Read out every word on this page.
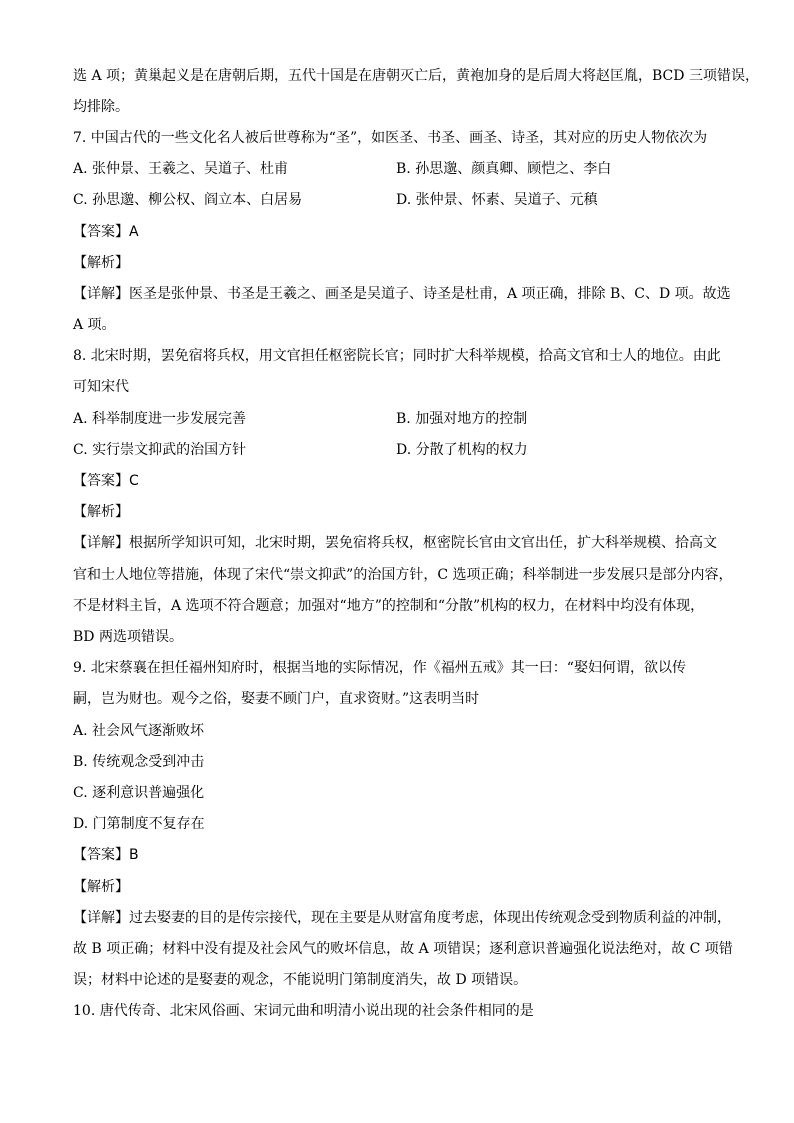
选 A 项；黄巢起义是在唐朝后期，五代十国是在唐朝灭亡后，黄袍加身的是后周大将赵匡胤，BCD 三项错误，

均排除。

7. 中国古代的一些文化名人被后世尊称为“圣”，如医圣、书圣、画圣、诗圣，其对应的历史人物依次为

A. 张仲景、王羲之、吴道子、杜甫	B. 孙思邈、颜真卿、顾恺之、李白

C. 孙思邈、柳公权、阎立本、白居易	D. 张仲景、怀素、吴道子、元稹

【答案】A

【解析】

【详解】医圣是张仲景、书圣是王羲之、画圣是吴道子、诗圣是杜甫，A 项正确，排除 B、C、D 项。故选

A 项。

8. 北宋时期，罢免宿将兵权，用文官担任枢密院长官；同时扩大科举规模，拾高文官和士人的地位。由此

可知宋代

A. 科举制度进一步发展完善	B. 加强对地方的控制

C. 实行崇文抑武的治国方针	D. 分散了机构的权力

【答案】C

【解析】

【详解】根据所学知识可知，北宋时期，罢免宿将兵权，枢密院长官由文官出任，扩大科举规模、拾高文

官和士人地位等措施，体现了宋代“崇文抑武”的治国方针，C 选项正确；科举制进一步发展只是部分内容，

不是材料主旨，A 选项不符合题意；加强对“地方”的控制和“分散”机构的权力，在材料中均没有体现，

BD 两选项错误。

9. 北宋蔡襄在担任福州知府时，根据当地的实际情况，作《福州五戒》其一曰：“娶妇何谓，欲以传

嗣，岂为财也。观今之俗，娶妻不顾门户，直求资财。”这表明当时

A. 社会风气逐渐败坏

B. 传统观念受到冲击

C. 逐利意识普遍强化

D. 门第制度不复存在

【答案】B

【解析】

【详解】过去娶妻的目的是传宗接代，现在主要是从财富角度考虑，体现出传统观念受到物质利益的冲制，

故 B 项正确；材料中没有提及社会风气的败坏信息，故 A 项错误；逐利意识普遍强化说法绝对，故 C 项错

误；材料中论述的是娶妻的观念，不能说明门第制度消失，故 D 项错误。

10. 唐代传奇、北宋风俗画、宋词元曲和明清小说出现的社会条件相同的是
